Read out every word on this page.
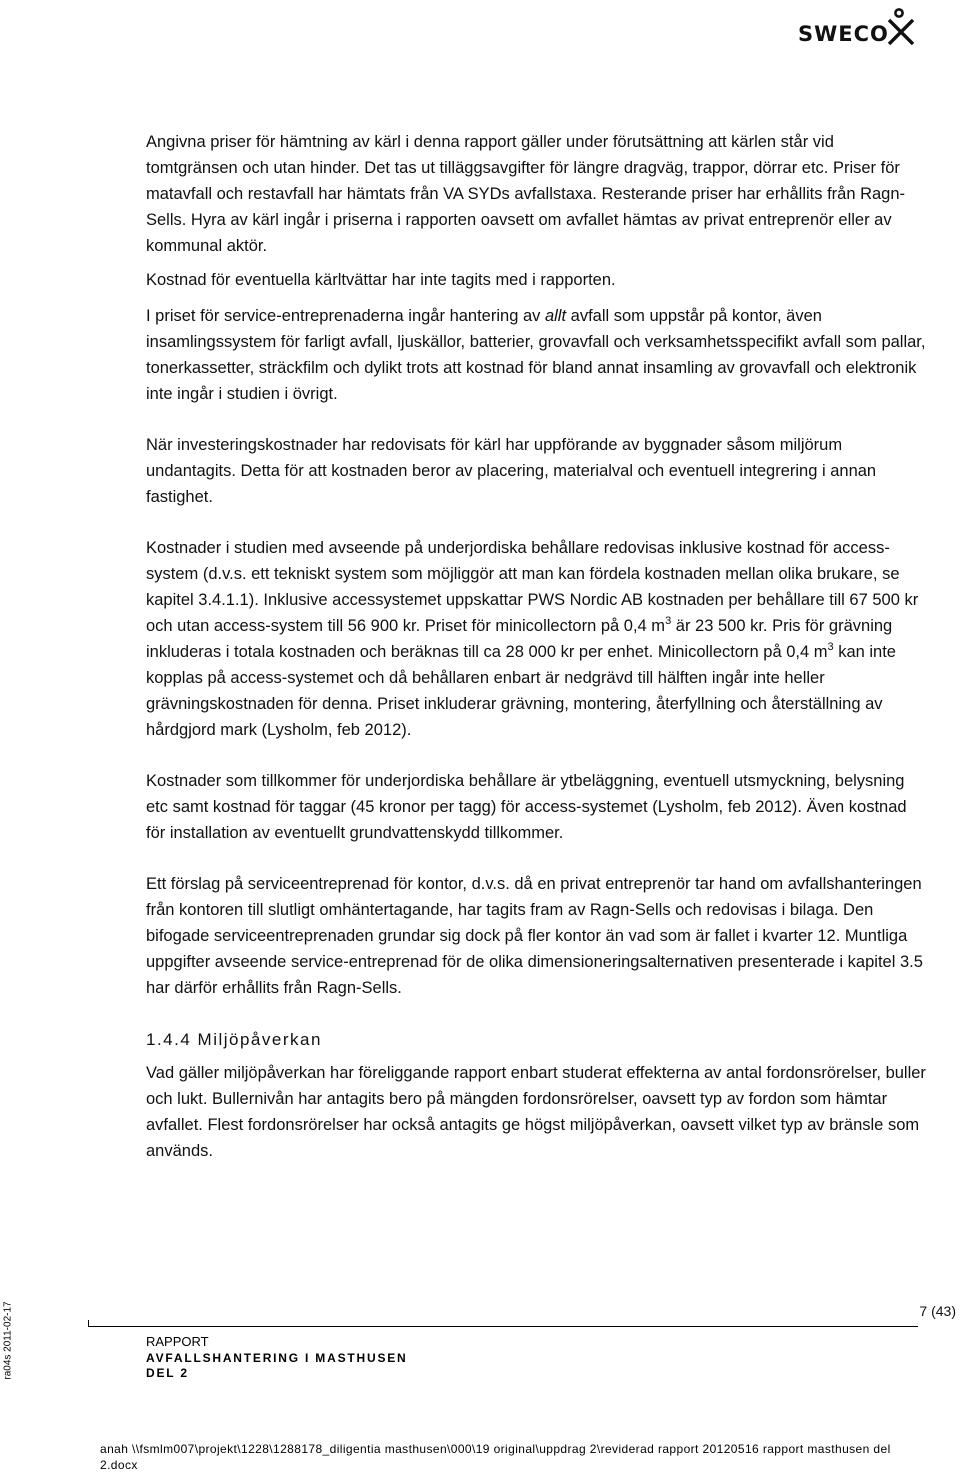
SWECO

Angivna priser för hämtning av kärl i denna rapport gäller under förutsättning att kärlen står vid tomtgränsen och utan hinder. Det tas ut tilläggsavgifter för längre dragväg, trappor, dörrar etc. Priser för matavfall och restavfall har hämtats från VA SYDs avfallstaxa. Resterande priser har erhållits från Ragn-Sells. Hyra av kärl ingår i priserna i rapporten oavsett om avfallet hämtas av privat entreprenör eller av kommunal aktör.

Kostnad för eventuella kärltvättar har inte tagits med i rapporten.

I priset för service-entreprenaderna ingår hantering av allt avfall som uppstår på kontor, även insamlingssystem för farligt avfall, ljuskällor, batterier, grovavfall och verksamhetsspecifikt avfall som pallar, tonerkassetter, sträckfilm och dylikt trots att kostnad för bland annat insamling av grovavfall och elektronik inte ingår i studien i övrigt.

När investeringskostnader har redovisats för kärl har uppförande av byggnader såsom miljörum undantagits. Detta för att kostnaden beror av placering, materialval och eventuell integrering i annan fastighet.

Kostnader i studien med avseende på underjordiska behållare redovisas inklusive kostnad för access-system (d.v.s. ett tekniskt system som möjliggör att man kan fördela kostnaden mellan olika brukare, se kapitel 3.4.1.1). Inklusive accessystemet uppskattar PWS Nordic AB kostnaden per behållare till 67 500 kr och utan access-system till 56 900 kr. Priset för minicollectorn på 0,4 $m^3$ är 23 500 kr. Pris för grävning inkluderas i totala kostnaden och beräknas till ca 28 000 kr per enhet. Minicollectorn på 0,4 $m^3$ kan inte kopplas på access-systemet och då behållaren enbart är nedgrävd till hälften ingår inte heller grävningskostnaden för denna. Priset inkluderar grävning, montering, återfyllning och återställning av hårdgjord mark (Lysholm, feb 2012).

Kostnader som tillkommer för underjordiska behållare är ytbeläggning, eventuell utsmyckning, belysning etc samt kostnad för taggar (45 kronor per tagg) för access-systemet (Lysholm, feb 2012). Även kostnad för installation av eventuellt grundvattenskydd tillkommer.

Ett förslag på serviceentreprenad för kontor, d.v.s. då en privat entreprenör tar hand om avfallshanteringen från kontoren till slutligt omhäntertagande, har tagits fram av Ragn-Sells och redovisas i bilaga. Den bifogade serviceentreprenaden grundar sig dock på fler kontor än vad som är fallet i kvarter 12. Muntliga uppgifter avseende service-entreprenad för de olika dimensioneringsalternativen presenterade i kapitel 3.5 har därför erhållits från Ragn-Sells.

1.4.4 Miljöpåverkan

Vad gäller miljöpåverkan har föreliggande rapport enbart studerat effekterna av antal fordonsrörelser, buller och lukt. Bullernivån har antagits bero på mängden fordonsrörelser, oavsett typ av fordon som hämtar avfallet. Flest fordonsrörelser har också antagits ge högst miljöpåverkan, oavsett vilket typ av bränsle som används.

7 (43)
RAPPORT
AVFALLSHANTERING I MASTHUSEN
DEL 2
ra04s 2011-02-17
anah \\fsmlm007\projekt\1228\1288178_diligentia masthusen\000\19 original\uppdrag 2\reviderad rapport 20120516 rapport masthusen del 2.docx
